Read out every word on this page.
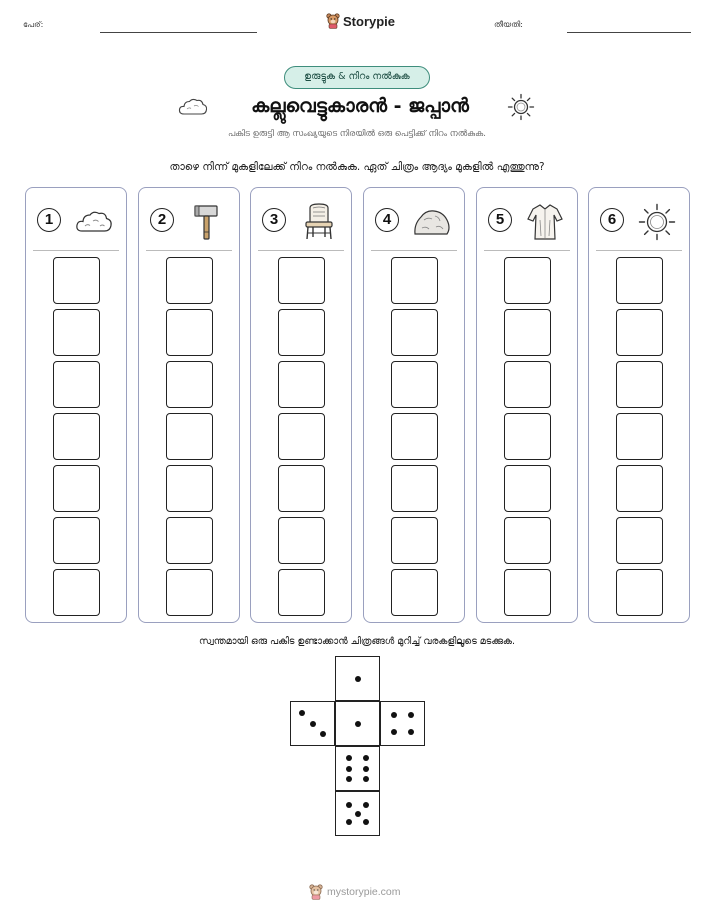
പേര്:	Storypie	തീയതി:
ഉരുട്ടുക & നിറം നൽകുക
കല്ലുവെട്ടുകാരൻ - ജപ്പാൻ
പകിട ഉരുട്ടി ആ സംഖ്യയുടെ നിരയിൽ ഒരു പെട്ടിക്ക് നിറം നൽകുക.
താഴെ നിന്ന് മുകളിലേക്ക് നിറം നൽകുക. ഏത് ചിത്രം ആദ്യം മുകളിൽ എത്തുന്നു?
1	2	3	4	5	6
സ്വന്തമായി ഒരു പകിട ഉണ്ടാക്കാൻ ചിത്രങ്ങൾ മുറിച്ച് വരകളിലൂടെ മടക്കുക.
mystorypie.com
